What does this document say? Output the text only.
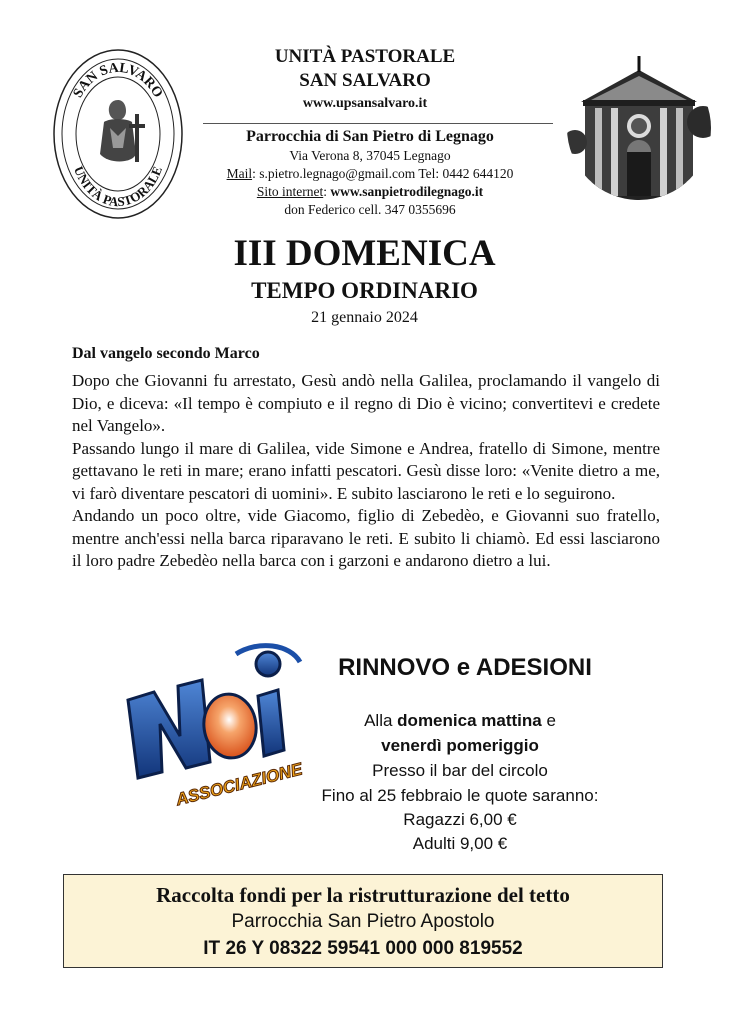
SAN SALVARO
UNITÀ PASTORALE
UNITÀ PASTORALE
SAN SALVARO
www.upsansalvaro.it
Parrocchia di San Pietro di Legnago
Via Verona 8, 37045 Legnago
Mail: s.pietro.legnago@gmail.com Tel: 0442 644120
Sito internet: www.sanpietrodilegnago.it
don Federico cell. 347 0355696
III DOMENICA
TEMPO ORDINARIO
21 gennaio 2024
Dal vangelo secondo Marco

Dopo che Giovanni fu arrestato, Gesù andò nella Galilea, proclamando il vangelo di Dio, e diceva: «Il tempo è compiuto e il regno di Dio è vicino; convertitevi e credete nel Vangelo».

Passando lungo il mare di Galilea, vide Simone e Andrea, fratello di Simone, mentre gettavano le reti in mare; erano infatti pescatori. Gesù disse loro: «Venite dietro a me, vi farò diventare pescatori di uomini». E subito lasciarono le reti e lo seguirono.

Andando un poco oltre, vide Giacomo, figlio di Zebedèo, e Giovanni suo fratello, mentre anch'essi nella barca riparavano le reti. E subito li chiamò. Ed essi lasciarono il loro padre Zebedèo nella barca con i garzoni e andarono dietro a lui.

ASSOCIAZIONE
RINNOVO e ADESIONI
Alla domenica mattina e
venerdì pomeriggio
Presso il bar del circolo
Fino al 25 febbraio le quote saranno:
Ragazzi 6,00 €
Adulti 9,00 €
Raccolta fondi per la ristrutturazione del tetto
Parrocchia San Pietro Apostolo
IT 26 Y 08322 59541 000 000 819552
